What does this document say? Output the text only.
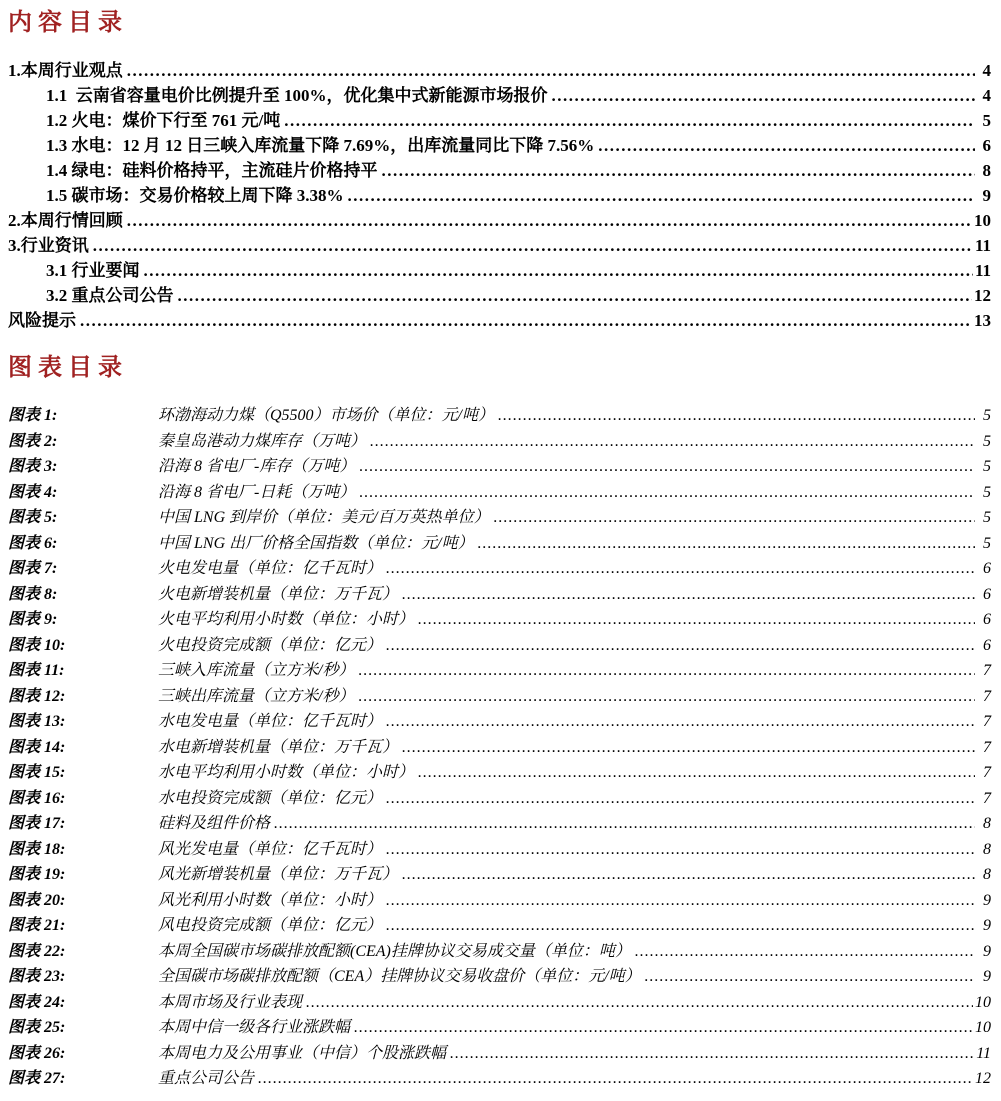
内容目录
1.本周行业观点 .....	4
1.1  云南省容量电价比例提升至 100%，优化集中式新能源市场报价 .....	4
1.2 火电：煤价下行至 761 元/吨 .....	5
1.3 水电：12 月 12 日三峡入库流量下降 7.69%，出库流量同比下降 7.56% .....	6
1.4 绿电：硅料价格持平，主流硅片价格持平 .....	8
1.5 碳市场：交易价格较上周下降 3.38% .....	9
2.本周行情回顾 .....	10
3.行业资讯 .....	11
3.1 行业要闻 .....	11
3.2 重点公司公告 .....	12
风险提示 .....	13
图表目录
图表 1:	环渤海动力煤（Q5500）市场价（单位：元/吨） .....	5
图表 2:	秦皇岛港动力煤库存（万吨） .....	5
图表 3:	沿海 8 省电厂-库存（万吨） .....	5
图表 4:	沿海 8 省电厂-日耗（万吨） .....	5
图表 5:	中国 LNG 到岸价（单位：美元/百万英热单位） .....	5
图表 6:	中国 LNG 出厂价格全国指数（单位：元/吨） .....	5
图表 7:	火电发电量（单位：亿千瓦时） .....	6
图表 8:	火电新增装机量（单位：万千瓦） .....	6
图表 9:	火电平均利用小时数（单位：小时） .....	6
图表 10:	火电投资完成额（单位：亿元） .....	6
图表 11:	三峡入库流量（立方米/秒） .....	7
图表 12:	三峡出库流量（立方米/秒） .....	7
图表 13:	水电发电量（单位：亿千瓦时） .....	7
图表 14:	水电新增装机量（单位：万千瓦） .....	7
图表 15:	水电平均利用小时数（单位：小时） .....	7
图表 16:	水电投资完成额（单位：亿元） .....	7
图表 17:	硅料及组件价格 .....	8
图表 18:	风光发电量（单位：亿千瓦时） .....	8
图表 19:	风光新增装机量（单位：万千瓦） .....	8
图表 20:	风光利用小时数（单位：小时） .....	9
图表 21:	风电投资完成额（单位：亿元） .....	9
图表 22:	本周全国碳市场碳排放配额(CEA)挂牌协议交易成交量（单位：吨） .....	9
图表 23:	全国碳市场碳排放配额（CEA）挂牌协议交易收盘价（单位：元/吨） .....	9
图表 24:	本周市场及行业表现 .....	10
图表 25:	本周中信一级各行业涨跌幅 .....	10
图表 26:	本周电力及公用事业（中信）个股涨跌幅 .....	11
图表 27:	重点公司公告 .....	12
